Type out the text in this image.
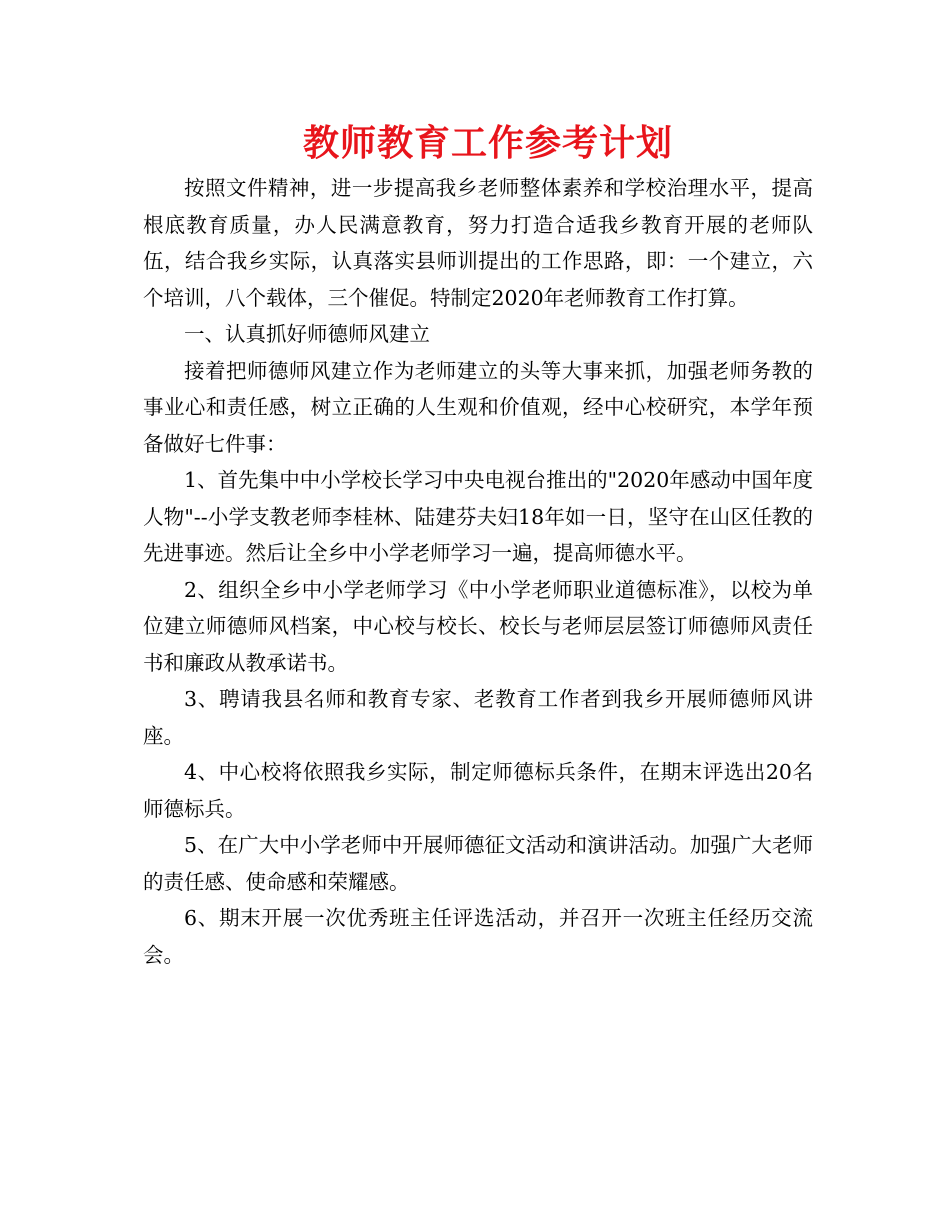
教师教育工作参考计划

按照文件精神，进一步提高我乡老师整体素养和学校治理水平，提高根底教育质量，办人民满意教育，努力打造合适我乡教育开展的老师队伍，结合我乡实际，认真落实县师训提出的工作思路，即：一个建立，六个培训，八个载体，三个催促。特制定2020年老师教育工作打算。

一、认真抓好师德师风建立

接着把师德师风建立作为老师建立的头等大事来抓，加强老师务教的事业心和责任感，树立正确的人生观和价值观，经中心校研究，本学年预备做好七件事：

1、首先集中中小学校长学习中央电视台推出的"2020年感动中国年度人物"--小学支教老师李桂林、陆建芬夫妇18年如一日，坚守在山区任教的先进事迹。然后让全乡中小学老师学习一遍，提高师德水平。

2、组织全乡中小学老师学习《中小学老师职业道德标准》，以校为单位建立师德师风档案，中心校与校长、校长与老师层层签订师德师风责任书和廉政从教承诺书。

3、聘请我县名师和教育专家、老教育工作者到我乡开展师德师风讲座。

4、中心校将依照我乡实际，制定师德标兵条件，在期末评选出20名师德标兵。

5、在广大中小学老师中开展师德征文活动和演讲活动。加强广大老师的责任感、使命感和荣耀感。

6、期末开展一次优秀班主任评选活动，并召开一次班主任经历交流会。
